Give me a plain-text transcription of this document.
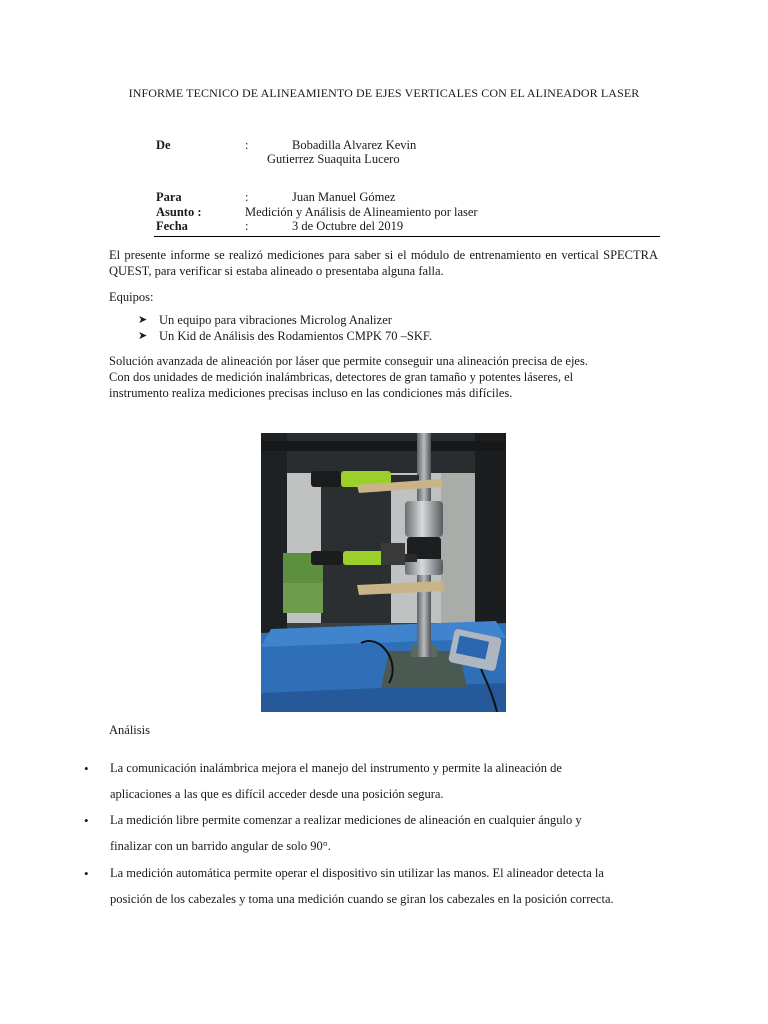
INFORME TECNICO DE ALINEAMIENTO DE EJES VERTICALES CON EL ALINEADOR LASER
De	:	Bobadilla Alvarez Kevin
Gutierrez Suaquita Lucero
Para	:	Juan Manuel Gómez
Asunto :	Medición y Análisis de Alineamiento por laser
Fecha	:	3 de Octubre del 2019
El presente informe se realizó mediciones para saber si el módulo de entrenamiento en vertical SPECTRA QUEST, para verificar si estaba alineado o presentaba alguna falla.
Equipos:
➤ Un equipo para vibraciones Microlog Analizer
➤ Un Kid de Análisis des Rodamientos CMPK 70 –SKF.
Solución avanzada de alineación por láser que permite conseguir una alineación precisa de ejes.
Con dos unidades de medición inalámbricas, detectores de gran tamaño y potentes láseres, el
instrumento realiza mediciones precisas incluso en las condiciones más difíciles.
Análisis
• La comunicación inalámbrica mejora el manejo del instrumento y permite la alineación de
aplicaciones a las que es difícil acceder desde una posición segura.
• La medición libre permite comenzar a realizar mediciones de alineación en cualquier ángulo y
finalizar con un barrido angular de solo 90°.
• La medición automática permite operar el dispositivo sin utilizar las manos. El alineador detecta la
posición de los cabezales y toma una medición cuando se giran los cabezales en la posición correcta.
